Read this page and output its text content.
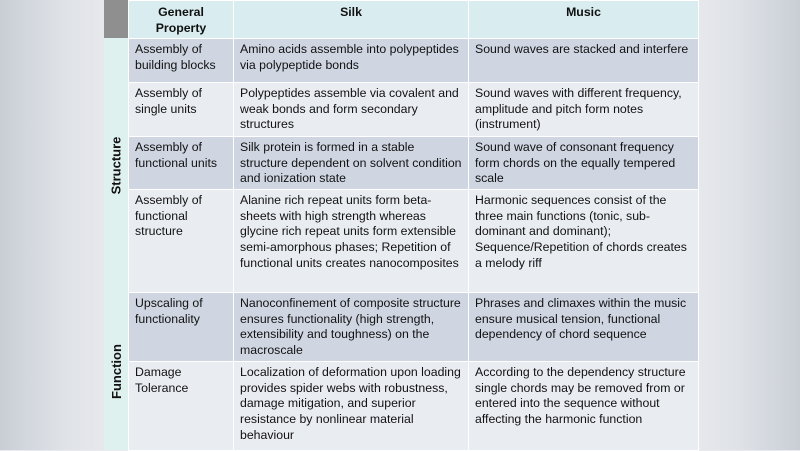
Structure
Function
General Property	Silk	Music
Assembly of building blocks	Amino acids assemble into polypeptides via polypeptide bonds	Sound waves are stacked and interfere
Assembly of single units	Polypeptides assemble via covalent and weak bonds and form secondary structures	Sound waves with different frequency, amplitude and pitch form notes (instrument)
Assembly of functional units	Silk protein is formed in a stable structure dependent on solvent condition and ionization state	Sound wave of consonant frequency form chords on the equally tempered scale
Assembly of functional structure	Alanine rich repeat units form beta-sheets with high strength whereas glycine rich repeat units form extensible semi-amorphous phases; Repetition of functional units creates nanocomposites	Harmonic sequences consist of the three main functions (tonic, sub-dominant and dominant); Sequence/Repetition of chords creates a melody riff
Upscaling of functionality	Nanoconfinement of composite structure ensures functionality (high strength, extensibility and toughness) on the macroscale	Phrases and climaxes within the music ensure musical tension, functional dependency of chord sequence
Damage Tolerance	Localization of deformation upon loading provides spider webs with robustness, damage mitigation, and superior resistance by nonlinear material behaviour	According to the dependency structure single chords may be removed from or entered into the sequence without affecting the harmonic function
